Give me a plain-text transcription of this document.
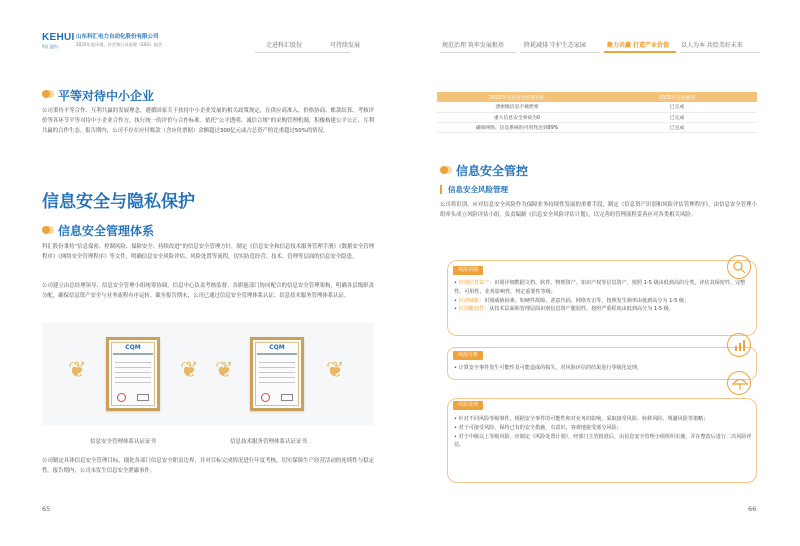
KEHUI
科汇股份
山东科汇电力自动化股份有限公司
2025年度环境、社会和公司治理（ESG）报告	走进科汇股份	可持续发展	规范治理 筑牢发展根基	降耗减排 守护生态家园	聚力共赢 打造产业价值 以人为本 共绘美好未来
平等对待中小企业
公司秉持平等合作、互利共赢的发展理念，遵循国家关于扶持中小企业发展的相关政策规定，在供应商准入、价格协商、账款结算、考核评价等各环节平等对待中小企业合作方，执行统一的评价与合作标准。依托“公平透明、诚信合规”的采购管理机制，积极构建公平公正、互利共赢的合作生态。报告期内，公司不存在应付账款（含应付票据）余额超过300亿元或占总资产的比重超过50%的情况。
信息安全与隐私保护
信息安全管理体系
科汇股份秉持“信息保密、控制风险、保障安全、持续改进”的信息安全管理方针，制定《信息安全和信息技术服务管理手册》《数据安全管理程序》《网络安全管理程序》等文件，明确信息安全风险评估、风险处置等流程，切实防范经营、技术、管理等层面的信息安全隐患。
公司建立由总经理领导、信息安全管理小组统筹协调、信息中心负责考核监督、各职能部门协同配合的信息安全管理架构，明确各层级职责分配，确保信息资产安全与业务流程有序运转。截至报告期末，公司已通过信息安全管理体系认证、信息技术服务管理体系认证。
❦
CQM
❦ ❦
CQM
❦
信息安全管理体系认证证书	信息技术服务管理体系认证证书
公司制定具体信息安全管理目标，细化各部门信息安全职责边界，并对目标完成情况进行年度考核，切实保障生产经营活动的连续性与稳定性。报告期内，公司未发生信息安全泄露事件。
65
2025年信息安全管理目标	2025年完成情况
泄密级信息不被泄密	已完成
重大信息安全事故为0	已完成
确保网络、信息系统的可用性达到99%	已完成
信息安全管控
信息安全风险管理
公司将识别、应对信息安全风险作为保障业务持续性发展的重要手段，制定《信息资产识别和风险评估管理程序》，由信息安全管理小组牵头成立风险评估小组，负责编制《信息安全风险评估计划》，以完善的管理流程妥善应对各类相关风险。
风险识别
• 识别信息资产：识别详细数据文档、软件、物理资产、知识产权等信息资产，按照 1-5 级由低到高的分类，评估其保密性、完整性、可用性、业务影响性，判定重要性等级；
• 识别威胁：识别威胁因素，如硬件故障、恶意代码、网络攻击等，按照发生频率由低到高分为 1-5 级；
• 识别脆弱性：从技术层面和管理层面识别信息资产脆弱性，按照严重程度由低到高分为 1-5 级。
风险分析
• 计算安全事件发生可能性及可能造成的损失，对风险评估的结果进行等级化处理。
风险处理
• 针对不同风险等级事件，根据安全事件的可能性和对业务的影响，采取接受风险、转移风险、规避风险等策略；
• 对于可接受风险，保持已有的安全措施，有意识、客观地接受部分风险；
• 对于中级以上等级风险，应制定《风险处置计划》，经部门主管批准后，由信息安全管理小组组织实施，并在整改后进行二次风险评估。
66
